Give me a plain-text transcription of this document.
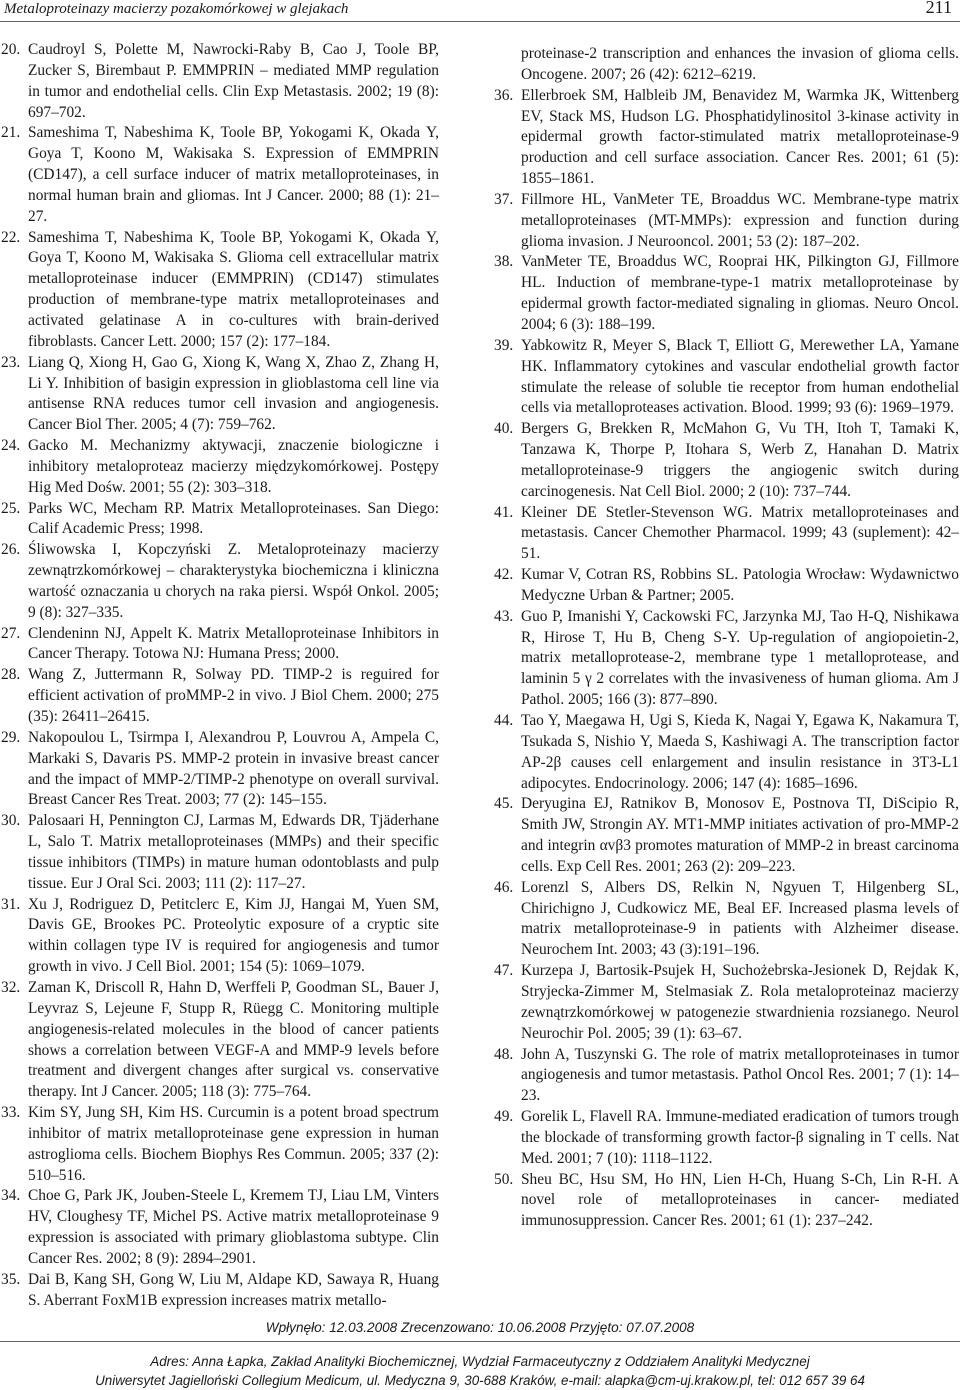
Metaloproteinazy macierzy pozakomórkowej w glejakach	211
20. Caudroyl S, Polette M, Nawrocki-Raby B, Cao J, Toole BP, Zucker S, Birembaut P. EMMPRIN – mediated MMP regulation in tumor and endothelial cells. Clin Exp Metastasis. 2002; 19 (8): 697–702.
21. Sameshima T, Nabeshima K, Toole BP, Yokogami K, Okada Y, Goya T, Koono M, Wakisaka S. Expression of EMMPRIN (CD147), a cell surface inducer of matrix metalloproteinases, in normal human brain and gliomas. Int J Cancer. 2000; 88 (1): 21–27.
22. Sameshima T, Nabeshima K, Toole BP, Yokogami K, Okada Y, Goya T, Koono M, Wakisaka S. Glioma cell extracellular matrix metalloproteinase inducer (EMMPRIN) (CD147) stimulates production of membrane-type matrix metalloproteinases and activated gelatinase A in co-cultures with brain-derived fibroblasts. Cancer Lett. 2000; 157 (2): 177–184.
23. Liang Q, Xiong H, Gao G, Xiong K, Wang X, Zhao Z, Zhang H, Li Y. Inhibition of basigin expression in glioblastoma cell line via antisense RNA reduces tumor cell invasion and angiogenesis. Cancer Biol Ther. 2005; 4 (7): 759–762.
24. Gacko M. Mechanizmy aktywacji, znaczenie biologiczne i inhibitory metaloproteaz macierzy międzykomórkowej. Postępy Hig Med Dośw. 2001; 55 (2): 303–318.
25. Parks WC, Mecham RP. Matrix Metalloproteinases. San Diego: Calif Academic Press; 1998.
26. Śliwowska I, Kopczyński Z. Metaloproteinazy macierzy zewnątrzkomórkowej – charakterystyka biochemiczna i kliniczna wartość oznaczania u chorych na raka piersi. Współ Onkol. 2005; 9 (8): 327–335.
27. Clendeninn NJ, Appelt K. Matrix Metalloproteinase Inhibitors in Cancer Therapy. Totowa NJ: Humana Press; 2000.
28. Wang Z, Juttermann R, Solway PD. TIMP-2 is reguired for efficient activation of proMMP-2 in vivo. J Biol Chem. 2000; 275 (35): 26411–26415.
29. Nakopoulou L, Tsirmpa I, Alexandrou P, Louvrou A, Ampela C, Markaki S, Davaris PS. MMP-2 protein in invasive breast cancer and the impact of MMP-2/TIMP-2 phenotype on overall survival. Breast Cancer Res Treat. 2003; 77 (2): 145–155.
30. Palosaari H, Pennington CJ, Larmas M, Edwards DR, Tjäderhane L, Salo T. Matrix metalloproteinases (MMPs) and their specific tissue inhibitors (TIMPs) in mature human odontoblasts and pulp tissue. Eur J Oral Sci. 2003; 111 (2): 117–27.
31. Xu J, Rodriguez D, Petitclerc E, Kim JJ, Hangai M, Yuen SM, Davis GE, Brookes PC. Proteolytic exposure of a cryptic site within collagen type IV is required for angiogenesis and tumor growth in vivo. J Cell Biol. 2001; 154 (5): 1069–1079.
32. Zaman K, Driscoll R, Hahn D, Werffeli P, Goodman SL, Bauer J, Leyvraz S, Lejeune F, Stupp R, Rüegg C. Monitoring multiple angiogenesis-related molecules in the blood of cancer patients shows a correlation between VEGF-A and MMP-9 levels before treatment and divergent changes after surgical vs. conservative therapy. Int J Cancer. 2005; 118 (3): 775–764.
33. Kim SY, Jung SH, Kim HS. Curcumin is a potent broad spectrum inhibitor of matrix metalloproteinase gene expression in human astroglioma cells. Biochem Biophys Res Commun. 2005; 337 (2): 510–516.
34. Choe G, Park JK, Jouben-Steele L, Kremem TJ, Liau LM, Vinters HV, Cloughesy TF, Michel PS. Active matrix metalloproteinase 9 expression is associated with primary glioblastoma subtype. Clin Cancer Res. 2002; 8 (9): 2894–2901.
35. Dai B, Kang SH, Gong W, Liu M, Aldape KD, Sawaya R, Huang S. Aberrant FoxM1B expression increases matrix metallo-
proteinase-2 transcription and enhances the invasion of glioma cells. Oncogene. 2007; 26 (42): 6212–6219.
36. Ellerbroek SM, Halbleib JM, Benavidez M, Warmka JK, Wittenberg EV, Stack MS, Hudson LG. Phosphatidylinositol 3-kinase activity in epidermal growth factor-stimulated matrix metalloproteinase-9 production and cell surface association. Cancer Res. 2001; 61 (5): 1855–1861.
37. Fillmore HL, VanMeter TE, Broaddus WC. Membrane-type matrix metalloproteinases (MT-MMPs): expression and function during glioma invasion. J Neurooncol. 2001; 53 (2): 187–202.
38. VanMeter TE, Broaddus WC, Rooprai HK, Pilkington GJ, Fillmore HL. Induction of membrane-type-1 matrix metalloproteinase by epidermal growth factor-mediated signaling in gliomas. Neuro Oncol. 2004; 6 (3): 188–199.
39. Yabkowitz R, Meyer S, Black T, Elliott G, Merewether LA, Yamane HK. Inflammatory cytokines and vascular endothelial growth factor stimulate the release of soluble tie receptor from human endothelial cells via metalloproteases activation. Blood. 1999; 93 (6): 1969–1979.
40. Bergers G, Brekken R, McMahon G, Vu TH, Itoh T, Tamaki K, Tanzawa K, Thorpe P, Itohara S, Werb Z, Hanahan D. Matrix metalloproteinase-9 triggers the angiogenic switch during carcinogenesis. Nat Cell Biol. 2000; 2 (10): 737–744.
41. Kleiner DE Stetler-Stevenson WG. Matrix metalloproteinases and metastasis. Cancer Chemother Pharmacol. 1999; 43 (suplement): 42–51.
42. Kumar V, Cotran RS, Robbins SL. Patologia Wrocław: Wydawnictwo Medyczne Urban & Partner; 2005.
43. Guo P, Imanishi Y, Cackowski FC, Jarzynka MJ, Tao H-Q, Nishikawa R, Hirose T, Hu B, Cheng S-Y. Up-regulation of angiopoietin-2, matrix metalloprotease-2, membrane type 1 metalloprotease, and laminin 5 γ 2 correlates with the invasiveness of human glioma. Am J Pathol. 2005; 166 (3): 877–890.
44. Tao Y, Maegawa H, Ugi S, Kieda K, Nagai Y, Egawa K, Nakamura T, Tsukada S, Nishio Y, Maeda S, Kashiwagi A. The transcription factor AP-2β causes cell enlargement and insulin resistance in 3T3-L1 adipocytes. Endocrinology. 2006; 147 (4): 1685–1696.
45. Deryugina EJ, Ratnikov B, Monosov E, Postnova TI, DiScipio R, Smith JW, Strongin AY. MT1-MMP initiates activation of pro-MMP-2 and integrin αvβ3 promotes maturation of MMP-2 in breast carcinoma cells. Exp Cell Res. 2001; 263 (2): 209–223.
46. Lorenzl S, Albers DS, Relkin N, Ngyuen T, Hilgenberg SL, Chirichigno J, Cudkowicz ME, Beal EF. Increased plasma levels of matrix metalloproteinase-9 in patients with Alzheimer disease. Neurochem Int. 2003; 43 (3):191–196.
47. Kurzepa J, Bartosik-Psujek H, Suchożebrska-Jesionek D, Rejdak K, Stryjecka-Zimmer M, Stelmasiak Z. Rola metaloproteinaz macierzy zewnątrzkomórkowej w patogenezie stwardnienia rozsianego. Neurol Neurochir Pol. 2005; 39 (1): 63–67.
48. John A, Tuszynski G. The role of matrix metalloproteinases in tumor angiogenesis and tumor metastasis. Pathol Oncol Res. 2001; 7 (1): 14–23.
49. Gorelik L, Flavell RA. Immune-mediated eradication of tumors trough the blockade of transforming growth factor-β signaling in T cells. Nat Med. 2001; 7 (10): 1118–1122.
50. Sheu BC, Hsu SM, Ho HN, Lien H-Ch, Huang S-Ch, Lin R-H. A novel role of metalloproteinases in cancer- mediated immunosuppression. Cancer Res. 2001; 61 (1): 237–242.
Wpłynęło: 12.03.2008 Zrecenzowano: 10.06.2008 Przyjęto: 07.07.2008
Adres: Anna Łapka, Zakład Analityki Biochemicznej, Wydział Farmaceutyczny z Oddziałem Analityki Medycznej
Uniwersytet Jagielloński Collegium Medicum, ul. Medyczna 9, 30-688 Kraków, e-mail: alapka@cm-uj.krakow.pl, tel: 012 657 39 64
